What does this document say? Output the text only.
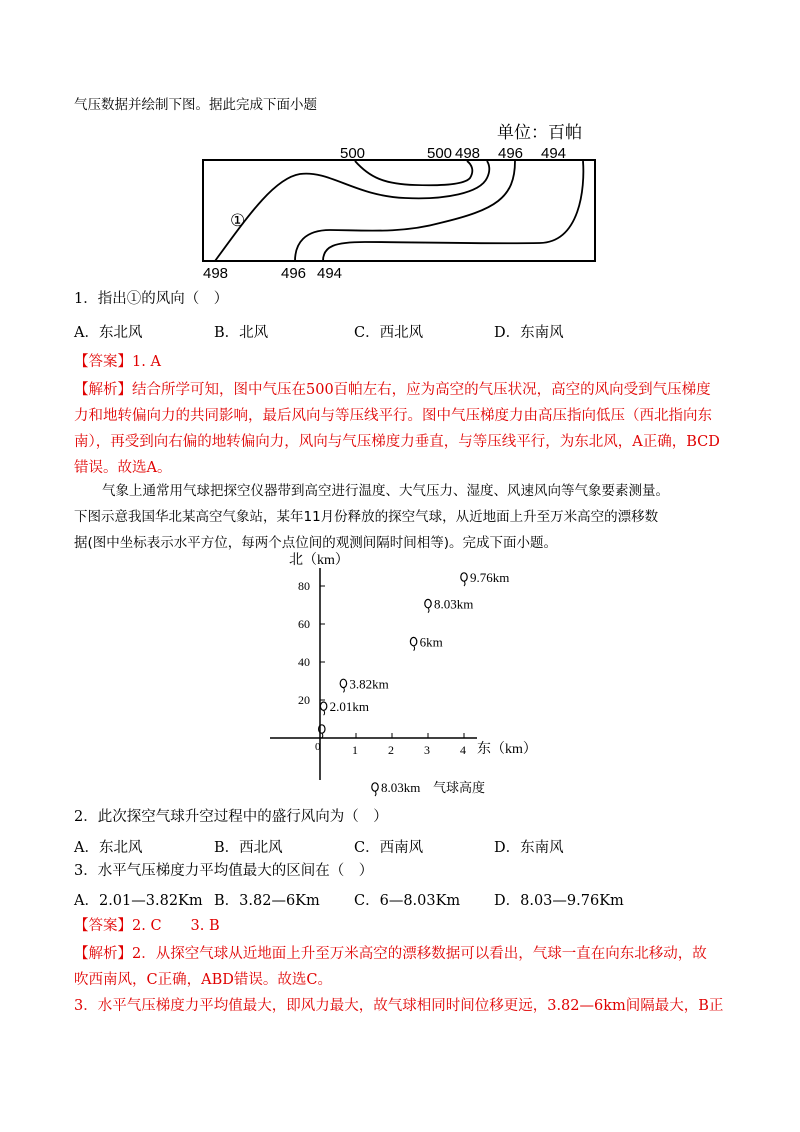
气压数据并绘制下图。据此完成下面小题
单位：百帕
500	500 498 496 494
498	496 494
①
1．指出①的风向（　）
A．东北风	B．北风	C．西北风	D．东南风
【答案】1. A
【解析】结合所学可知，图中气压在500百帕左右，应为高空的气压状况，高空的风向受到气压梯度
力和地转偏向力的共同影响，最后风向与等压线平行。图中气压梯度力由高压指向低压（西北指向东
南），再受到向右偏的地转偏向力，风向与气压梯度力垂直，与等压线平行，为东北风，A正确，BCD
错误。故选A。
气象上通常用气球把探空仪器带到高空进行温度、大气压力、湿度、风速风向等气象要素测量。
下图示意我国华北某高空气象站，某年11月份释放的探空气球，从近地面上升至万米高空的漂移数
据(图中坐标表示水平方位，每两个点位间的观测间隔时间相等)。完成下面小题。
北（km）
东（km）
0	1	2	3	4
20
40
60
80
2.01km
3.82km
6km
8.03km
9.76km
8.03km 气球高度
2．此次探空气球升空过程中的盛行风向为（　）
A．东北风	B．西北风	C．西南风	D．东南风
3．水平气压梯度力平均值最大的区间在（　）
A．2.01—3.82Km B．3.82—6Km C．6—8.03Km D．8.03—9.76Km
【答案】2. C　　3. B
【解析】2．从探空气球从近地面上升至万米高空的漂移数据可以看出，气球一直在向东北移动，故
吹西南风，C正确，ABD错误。故选C。
3．水平气压梯度力平均值最大，即风力最大，故气球相同时间位移更远，3.82—6km间隔最大，B正
